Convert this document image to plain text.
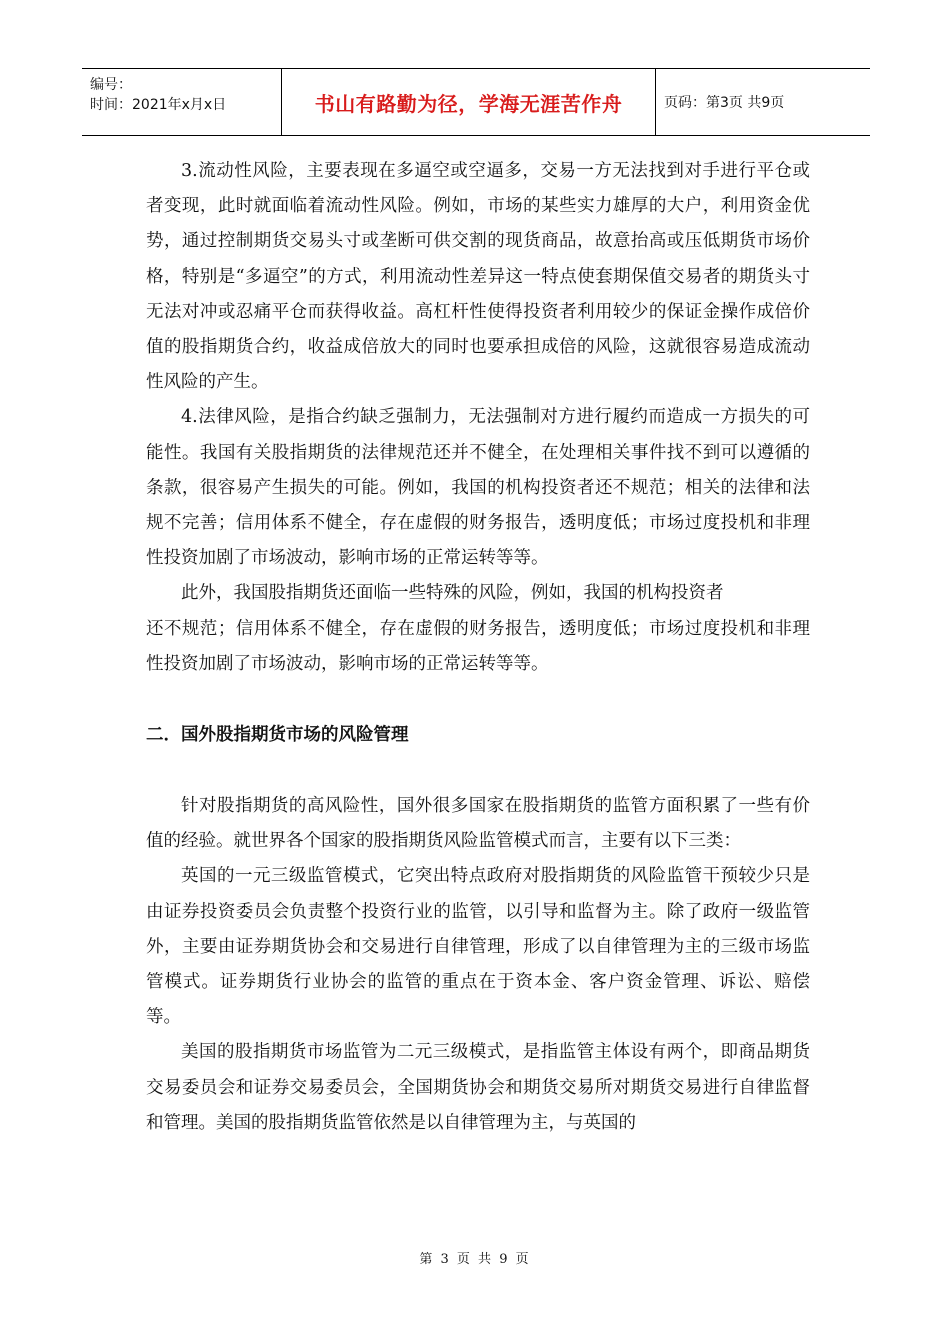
编号：
时间：2021年x月x日	书山有路勤为径，学海无涯苦作舟	页码：第3页 共9页

3.流动性风险，主要表现在多逼空或空逼多，交易一方无法找到对手进行平仓或者变现，此时就面临着流动性风险。例如，市场的某些实力雄厚的大户，利用资金优势，通过控制期货交易头寸或垄断可供交割的现货商品，故意抬高或压低期货市场价格，特别是“多逼空”的方式，利用流动性差异这一特点使套期保值交易者的期货头寸无法对冲或忍痛平仓而获得收益。高杠杆性使得投资者利用较少的保证金操作成倍价值的股指期货合约，收益成倍放大的同时也要承担成倍的风险，这就很容易造成流动性风险的产生。

4.法律风险，是指合约缺乏强制力，无法强制对方进行履约而造成一方损失的可能性。我国有关股指期货的法律规范还并不健全，在处理相关事件找不到可以遵循的条款，很容易产生损失的可能。例如，我国的机构投资者还不规范；相关的法律和法规不完善；信用体系不健全，存在虚假的财务报告，透明度低；市场过度投机和非理性投资加剧了市场波动，影响市场的正常运转等等。

此外，我国股指期货还面临一些特殊的风险，例如，我国的机构投资者

还不规范；信用体系不健全，存在虚假的财务报告，透明度低；市场过度投机和非理性投资加剧了市场波动，影响市场的正常运转等等。

二．国外股指期货市场的风险管理

针对股指期货的高风险性，国外很多国家在股指期货的监管方面积累了一些有价值的经验。就世界各个国家的股指期货风险监管模式而言，主要有以下三类：

英国的一元三级监管模式，它突出特点政府对股指期货的风险监管干预较少只是由证券投资委员会负责整个投资行业的监管，以引导和监督为主。除了政府一级监管外，主要由证券期货协会和交易进行自律管理，形成了以自律管理为主的三级市场监管模式。证券期货行业协会的监管的重点在于资本金、客户资金管理、诉讼、赔偿等。

美国的股指期货市场监管为二元三级模式，是指监管主体设有两个，即商品期货交易委员会和证券交易委员会，全国期货协会和期货交易所对期货交易进行自律监督和管理。美国的股指期货监管依然是以自律管理为主，与英国的

第 3 页 共 9 页
